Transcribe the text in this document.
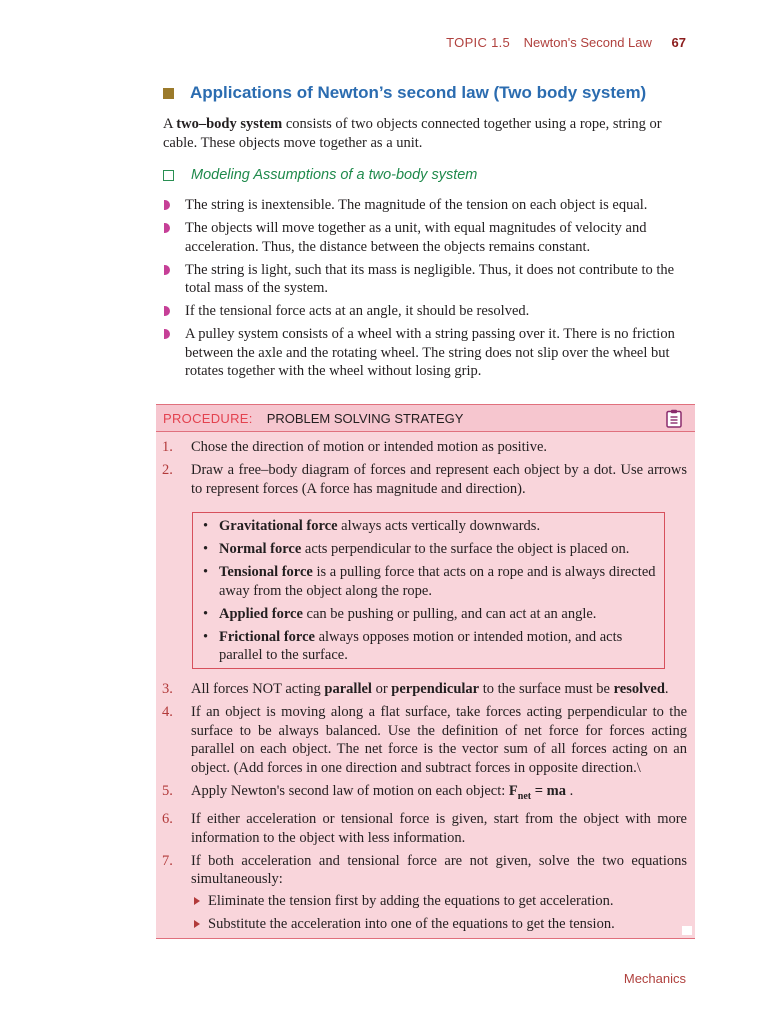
TOPIC 1.5 Newton's Second Law 67
Applications of Newton’s second law (Two body system)

A two–body system consists of two objects connected together using a rope, string or cable. These objects move together as a unit.

Modeling Assumptions of a two-body system
The string is inextensible. The magnitude of the tension on each object is equal.
The objects will move together as a unit, with equal magnitudes of velocity and acceleration. Thus, the distance between the objects remains constant.
The string is light, such that its mass is negligible. Thus, it does not contribute to the total mass of the system.
If the tensional force acts at an angle, it should be resolved.
A pulley system consists of a wheel with a string passing over it. There is no friction between the axle and the rotating wheel. The string does not slip over the wheel but rotates together with the wheel without losing grip.
PROCEDURE: PROBLEM SOLVING STRATEGY
1. Chose the direction of motion or intended motion as positive.
2. Draw a free–body diagram of forces and represent each object by a dot. Use arrows to represent forces (A force has magnitude and direction).
• Gravitational force always acts vertically downwards.
• Normal force acts perpendicular to the surface the object is placed on.
• Tensional force is a pulling force that acts on a rope and is always directed away from the object along the rope.
• Applied force can be pushing or pulling, and can act at an angle.
• Frictional force always opposes motion or intended motion, and acts parallel to the surface.
3. All forces NOT acting parallel or perpendicular to the surface must be resolved.
4. If an object is moving along a flat surface, take forces acting perpendicular to the surface to be always balanced. Use the definition of net force for forces acting parallel on each object. The net force is the vector sum of all forces acting on an object. (Add forces in one direction and subtract forces in opposite direction.\
5. Apply Newton's second law of motion on each object: $F_{net}$ = ma .
6. If either acceleration or tensional force is given, start from the object with more information to the object with less information.
7. If both acceleration and tensional force are not given, solve the two equations simultaneously:
Eliminate the tension first by adding the equations to get acceleration.
Substitute the acceleration into one of the equations to get the tension.
Mechanics
